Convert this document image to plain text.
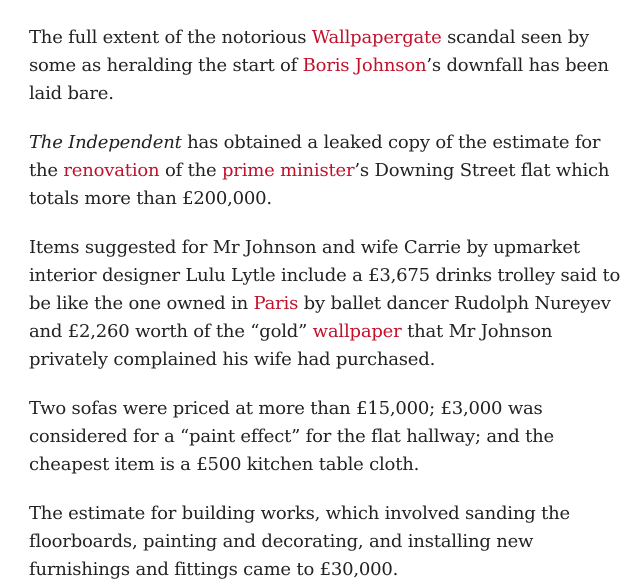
The full extent of the notorious Wallpapergate scandal seen by some as heralding the start of Boris Johnson’s downfall has been laid bare.

The Independent has obtained a leaked copy of the estimate for the renovation of the prime minister’s Downing Street flat which totals more than £200,000.

Items suggested for Mr Johnson and wife Carrie by upmarket interior designer Lulu Lytle include a £3,675 drinks trolley said to be like the one owned in Paris by ballet dancer Rudolph Nureyev and £2,260 worth of the “gold” wallpaper that Mr Johnson privately complained his wife had purchased.

Two sofas were priced at more than £15,000; £3,000 was considered for a “paint effect” for the flat hallway; and the cheapest item is a £500 kitchen table cloth.

The estimate for building works, which involved sanding the floorboards, painting and decorating, and installing new furnishings and fittings came to £30,000.
